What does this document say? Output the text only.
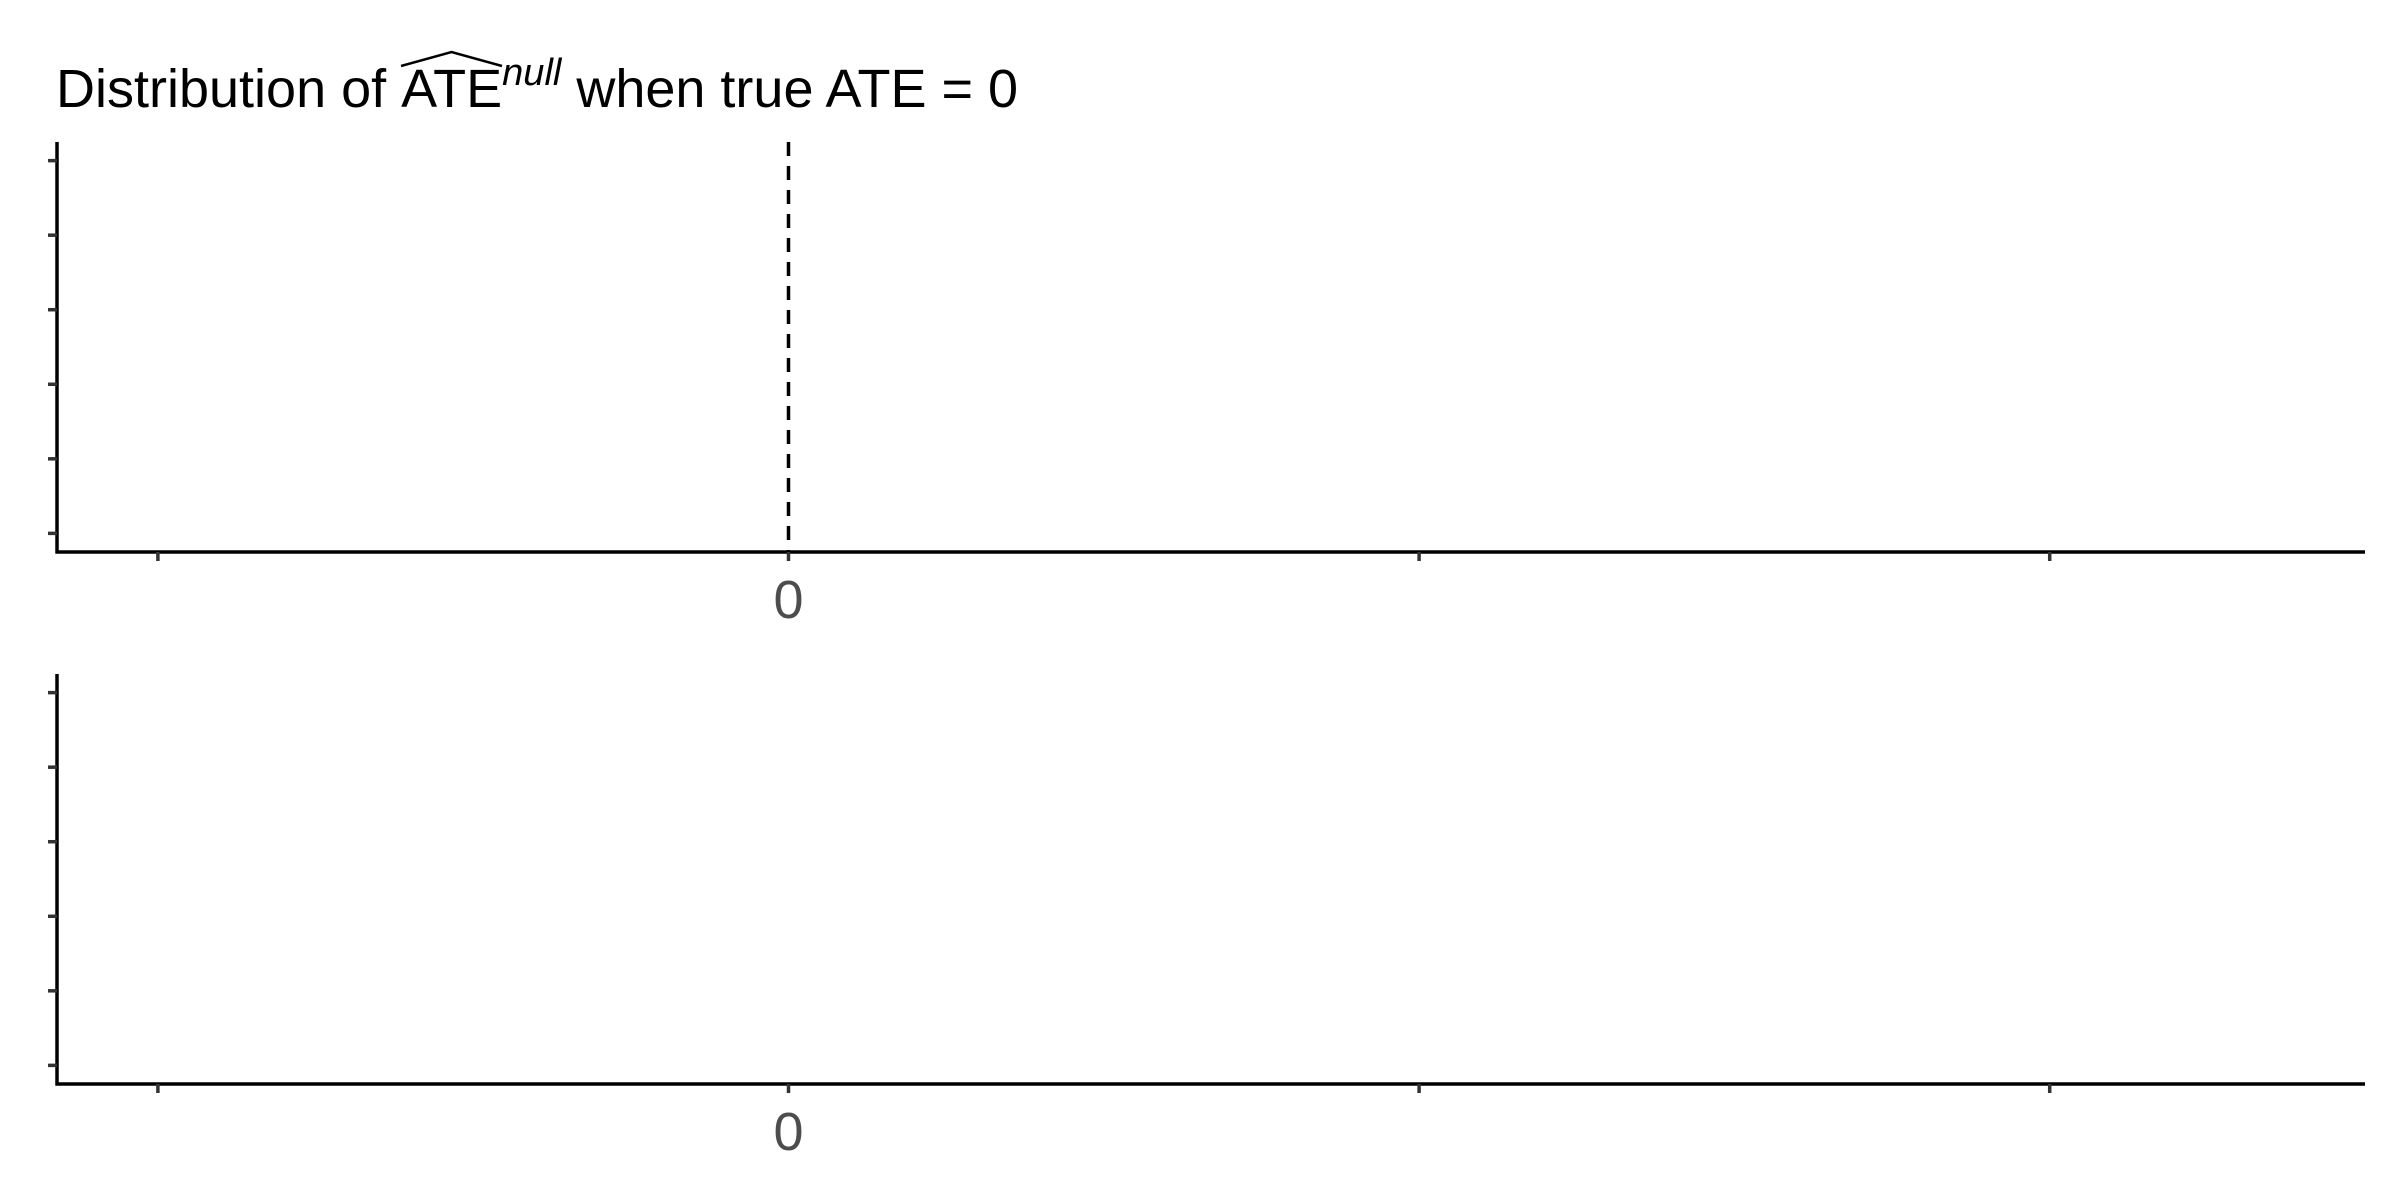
Distribution of
$ATE^{null}$ when true ATE = 0
0
0
